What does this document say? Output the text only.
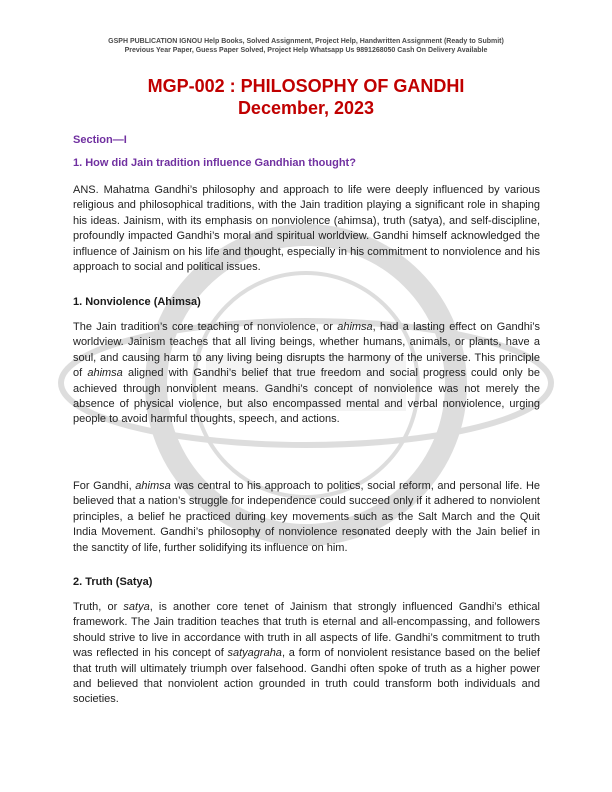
GSPH PUBLICATION IGNOU Help Books, Solved Assignment, Project Help, Handwritten Assignment (Ready to Submit)
Previous Year Paper, Guess Paper Solved, Project Help Whatsapp Us 9891268050 Cash On Delivery Available
MGP-002 : PHILOSOPHY OF GANDHI
December, 2023
Section—I
1. How did Jain tradition influence Gandhian thought?
ANS. Mahatma Gandhi’s philosophy and approach to life were deeply influenced by various religious and philosophical traditions, with the Jain tradition playing a significant role in shaping his ideas. Jainism, with its emphasis on nonviolence (ahimsa), truth (satya), and self-discipline, profoundly impacted Gandhi’s moral and spiritual worldview. Gandhi himself acknowledged the influence of Jainism on his life and thought, especially in his commitment to nonviolence and his approach to social and political issues.
1. Nonviolence (Ahimsa)
The Jain tradition’s core teaching of nonviolence, or ahimsa, had a lasting effect on Gandhi’s worldview. Jainism teaches that all living beings, whether humans, animals, or plants, have a soul, and causing harm to any living being disrupts the harmony of the universe. This principle of ahimsa aligned with Gandhi’s belief that true freedom and social progress could only be achieved through nonviolent means. Gandhi’s concept of nonviolence was not merely the absence of physical violence, but also encompassed mental and verbal nonviolence, urging people to avoid harmful thoughts, speech, and actions.
For Gandhi, ahimsa was central to his approach to politics, social reform, and personal life. He believed that a nation’s struggle for independence could succeed only if it adhered to nonviolent principles, a belief he practiced during key movements such as the Salt March and the Quit India Movement. Gandhi’s philosophy of nonviolence resonated deeply with the Jain belief in the sanctity of life, further solidifying its influence on him.
2. Truth (Satya)
Truth, or satya, is another core tenet of Jainism that strongly influenced Gandhi’s ethical framework. The Jain tradition teaches that truth is eternal and all-encompassing, and followers should strive to live in accordance with truth in all aspects of life. Gandhi’s commitment to truth was reflected in his concept of satyagraha, a form of nonviolent resistance based on the belief that truth will ultimately triumph over falsehood. Gandhi often spoke of truth as a higher power and believed that nonviolent action grounded in truth could transform both individuals and societies.
